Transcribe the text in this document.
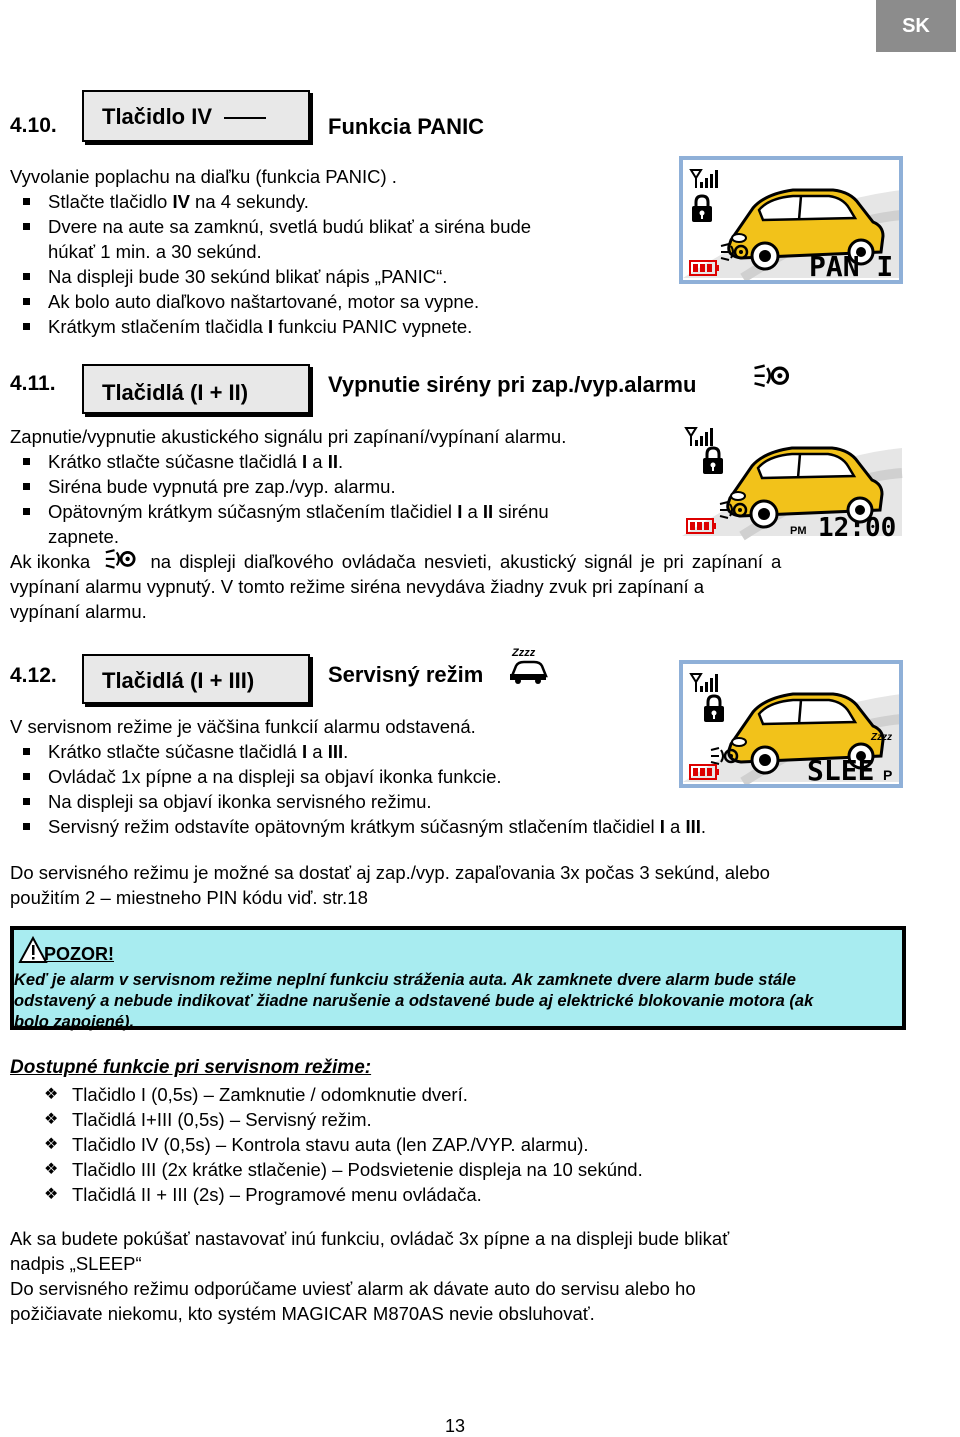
SK
4.10.	Tlačidlo IV	Funkcia PANIC
Vyvolanie poplachu na diaľku (funkcia PANIC) .
Stlačte tlačidlo IV na 4 sekundy.
Dvere na aute sa zamknú, svetlá budú blikať a siréna bude
húkať 1 min. a 30 sekúnd.
Na displeji bude 30 sekúnd blikať nápis „PANIC“.
Ak bolo auto diaľkovo naštartované, motor sa vypne.
Krátkym stlačením tlačidla I funkciu PANIC vypnete.
PAN I
4.11.	Tlačidlá (I + II)	Vypnutie sirény pri zap./vyp.alarmu
Zapnutie/vypnutie akustického signálu pri zapínaní/vypínaní alarmu.
Krátko stlačte súčasne tlačidlá I a II.
Siréna bude vypnutá pre zap./vyp. alarmu.
Opätovným krátkym súčasným stlačením tlačidiel I a II sirénu
zapnete.
Ak ikonka	na displeji diaľkového ovládača nesvieti, akustický signál je pri zapínaní a
vypínaní alarmu vypnutý. V tomto režime siréna nevydáva žiadny zvuk pri zapínaní a
vypínaní alarmu.
PM 12:00
4.12.	Tlačidlá (I + III)	Servisný režim
Zzzz
V servisnom režime je väčšina funkcií alarmu odstavená.
Krátko stlačte súčasne tlačidlá I a III.
Ovládač 1x pípne a na displeji sa objaví ikonka funkcie.
Na displeji sa objaví ikonka servisného režimu.
Servisný režim odstavíte opätovným krátkym súčasným stlačením tlačidiel I a III.
Zzzz
SLEE P
Do servisného režimu je možné sa dostať aj zap./vyp. zapaľovania 3x počas 3 sekúnd, alebo
použitím 2 – miestneho PIN kódu viď. str.18
POZOR!
Keď je alarm v servisnom režime neplní funkciu stráženia auta. Ak zamknete dvere alarm bude stále
odstavený a nebude indikovať žiadne narušenie a odstavené bude aj elektrické blokovanie motora (ak
bolo zapojené).
Dostupné funkcie pri servisnom režime:
❖ Tlačidlo I (0,5s) – Zamknutie / odomknutie dverí.
❖ Tlačidlá I+III (0,5s) – Servisný režim.
❖ Tlačidlo IV (0,5s) – Kontrola stavu auta (len ZAP./VYP. alarmu).
❖ Tlačidlo III (2x krátke stlačenie) – Podsvietenie displeja na 10 sekúnd.
❖ Tlačidlá II + III (2s) – Programové menu ovládača.
Ak sa budete pokúšať nastavovať inú funkciu, ovládač 3x pípne a na displeji bude blikať
nadpis „SLEEP“
Do servisného režimu odporúčame uviesť alarm ak dávate auto do servisu alebo ho
požičiavate niekomu, kto systém MAGICAR M870AS nevie obsluhovať.
13
